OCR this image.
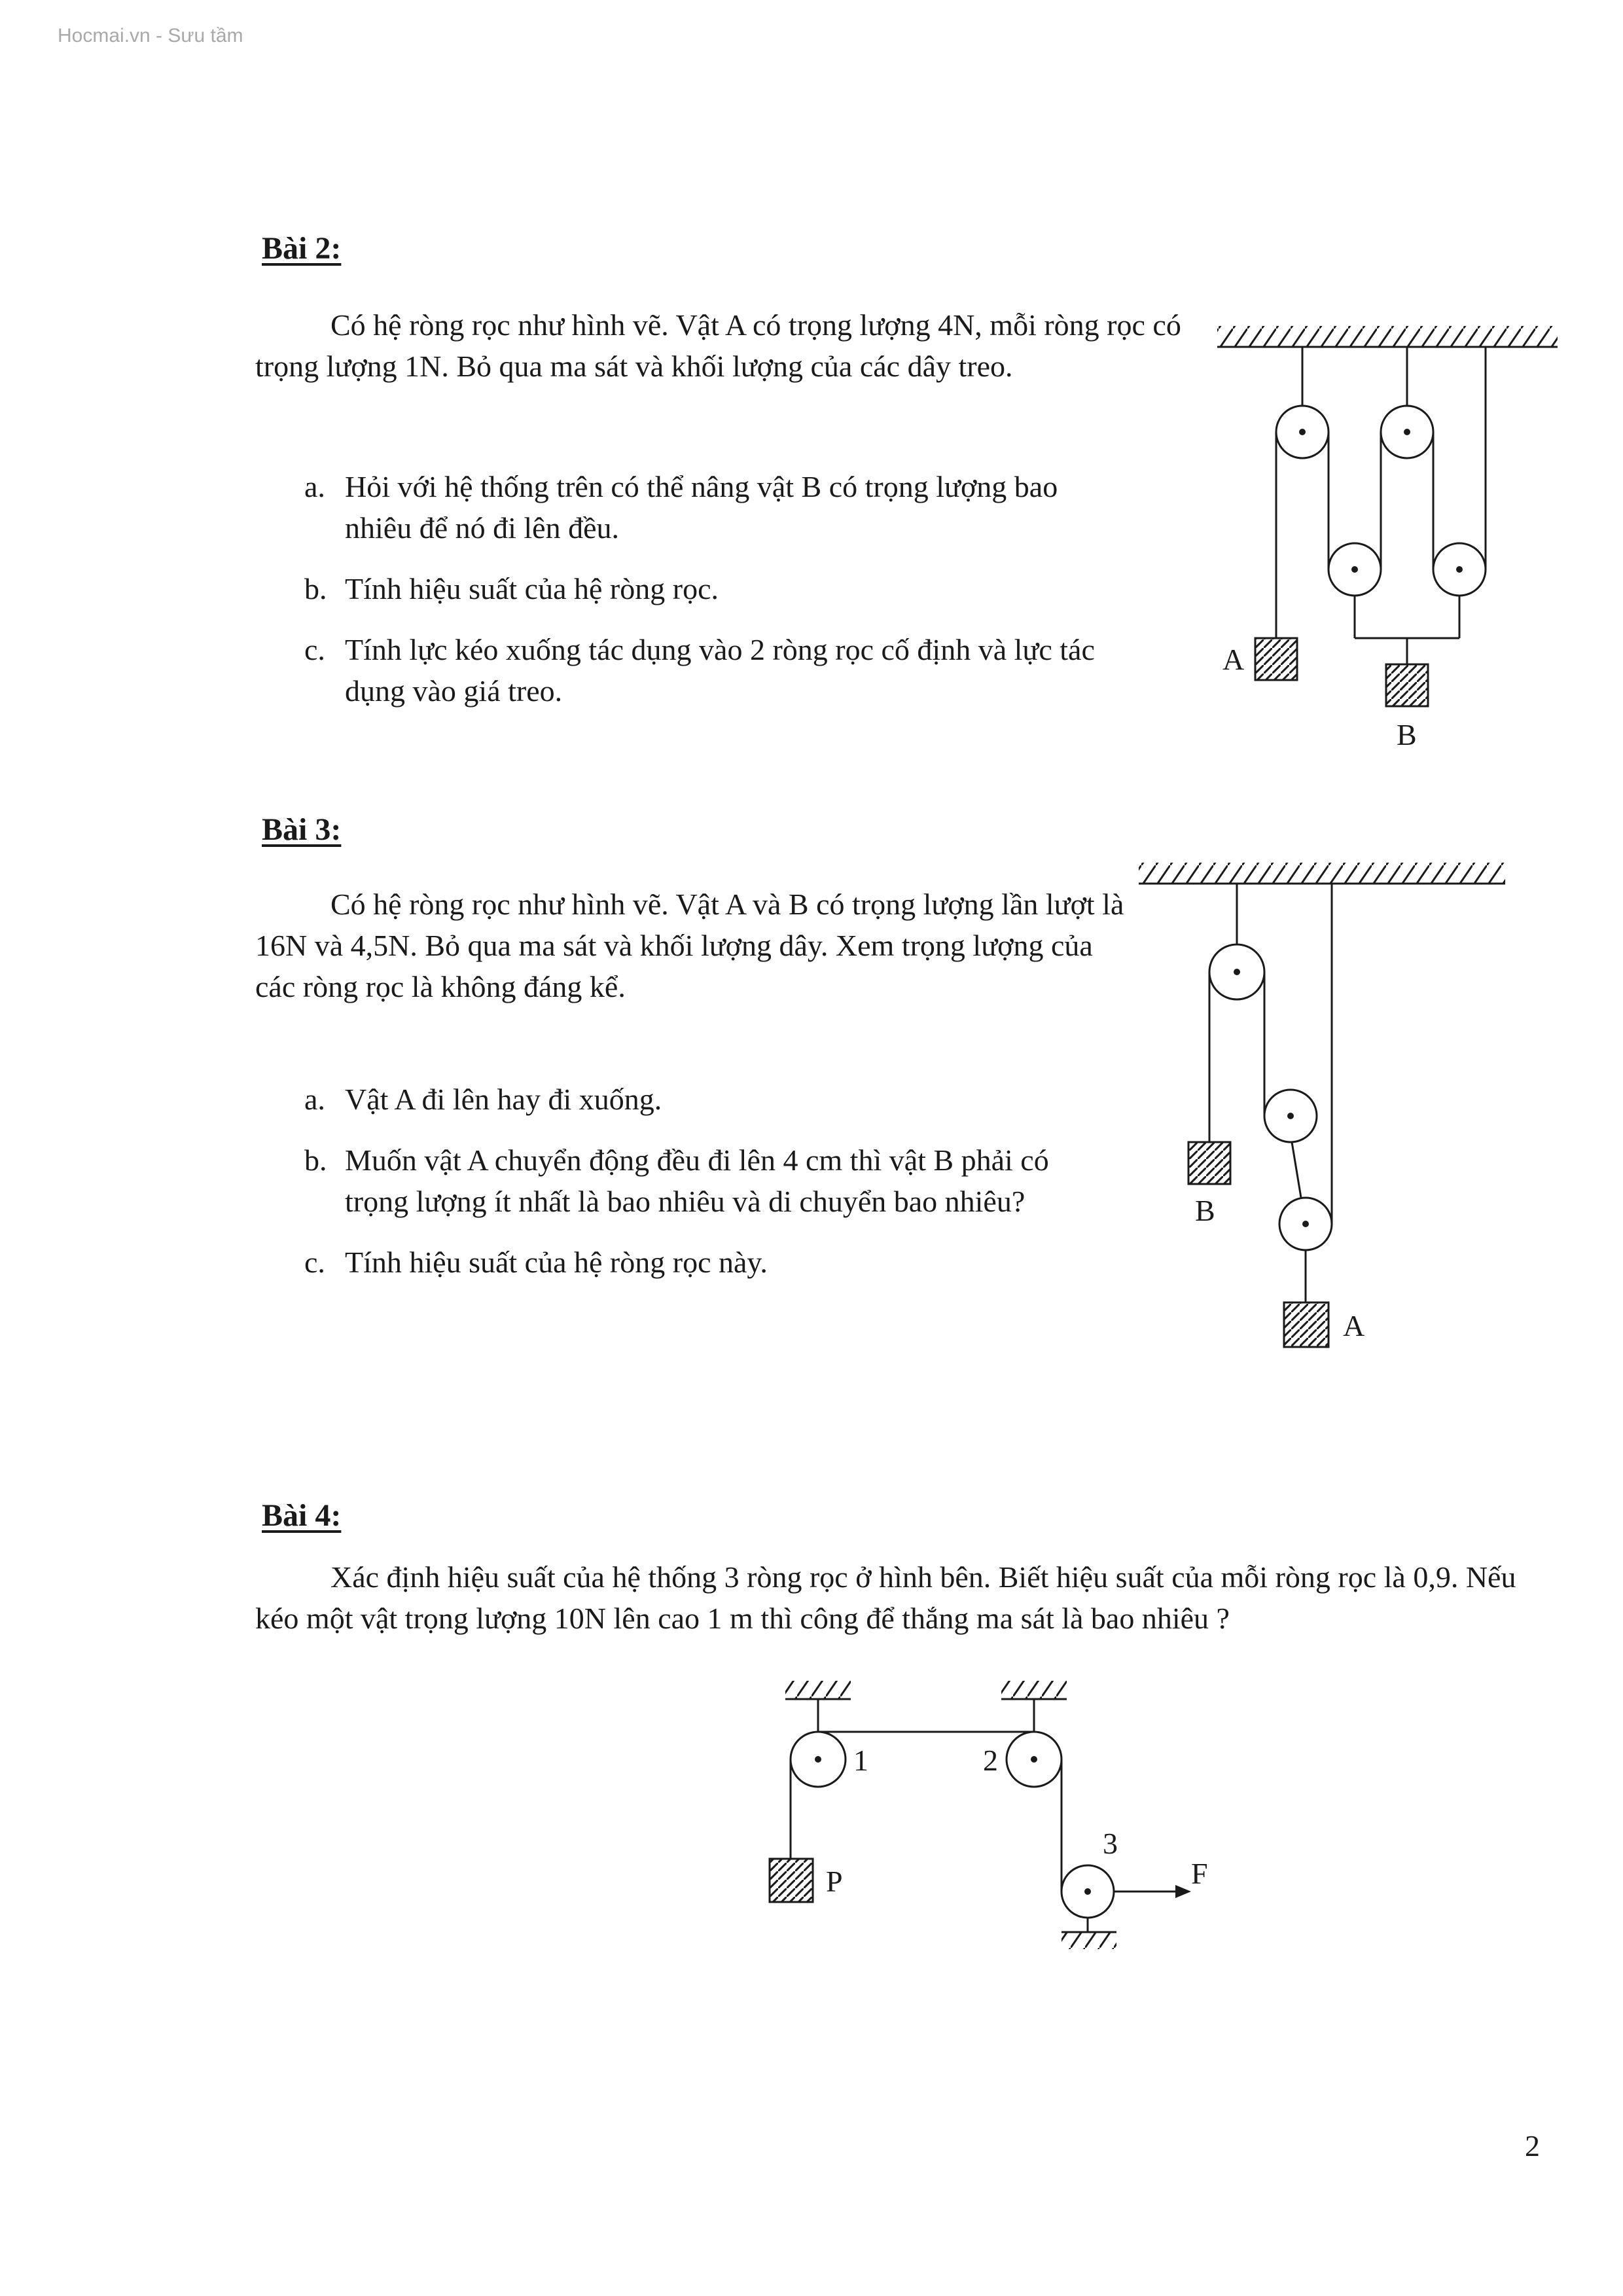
Hocmai.vn - Sưu tầm
Bài 2:

Có hệ ròng rọc như hình vẽ. Vật A có trọng lượng 4N, mỗi ròng rọc có trọng lượng 1N. Bỏ qua ma sát và khối lượng của các dây treo.

a. Hỏi với hệ thống trên có thể nâng vật B có trọng lượng bao nhiêu để nó đi lên đều.
b. Tính hiệu suất của hệ ròng rọc.
c. Tính lực kéo xuống tác dụng vào 2 ròng rọc cố định và lực tác dụng vào giá treo.
A
B
Bài 3:

Có hệ ròng rọc như hình vẽ. Vật A và B có trọng lượng lần lượt là 16N và 4,5N. Bỏ qua ma sát và khối lượng dây. Xem trọng lượng của các ròng rọc là không đáng kể.

a. Vật A đi lên hay đi xuống.
b. Muốn vật A chuyển động đều đi lên 4 cm thì vật B phải có trọng lượng ít nhất là bao nhiêu và di chuyển bao nhiêu?
c. Tính hiệu suất của hệ ròng rọc này.
B
A
Bài 4:

Xác định hiệu suất của hệ thống 3 ròng rọc ở hình bên. Biết hiệu suất của mỗi ròng rọc là 0,9. Nếu kéo một vật trọng lượng 10N lên cao 1 m thì công để thắng ma sát là bao nhiêu ?

1	2
3
P	F
2
